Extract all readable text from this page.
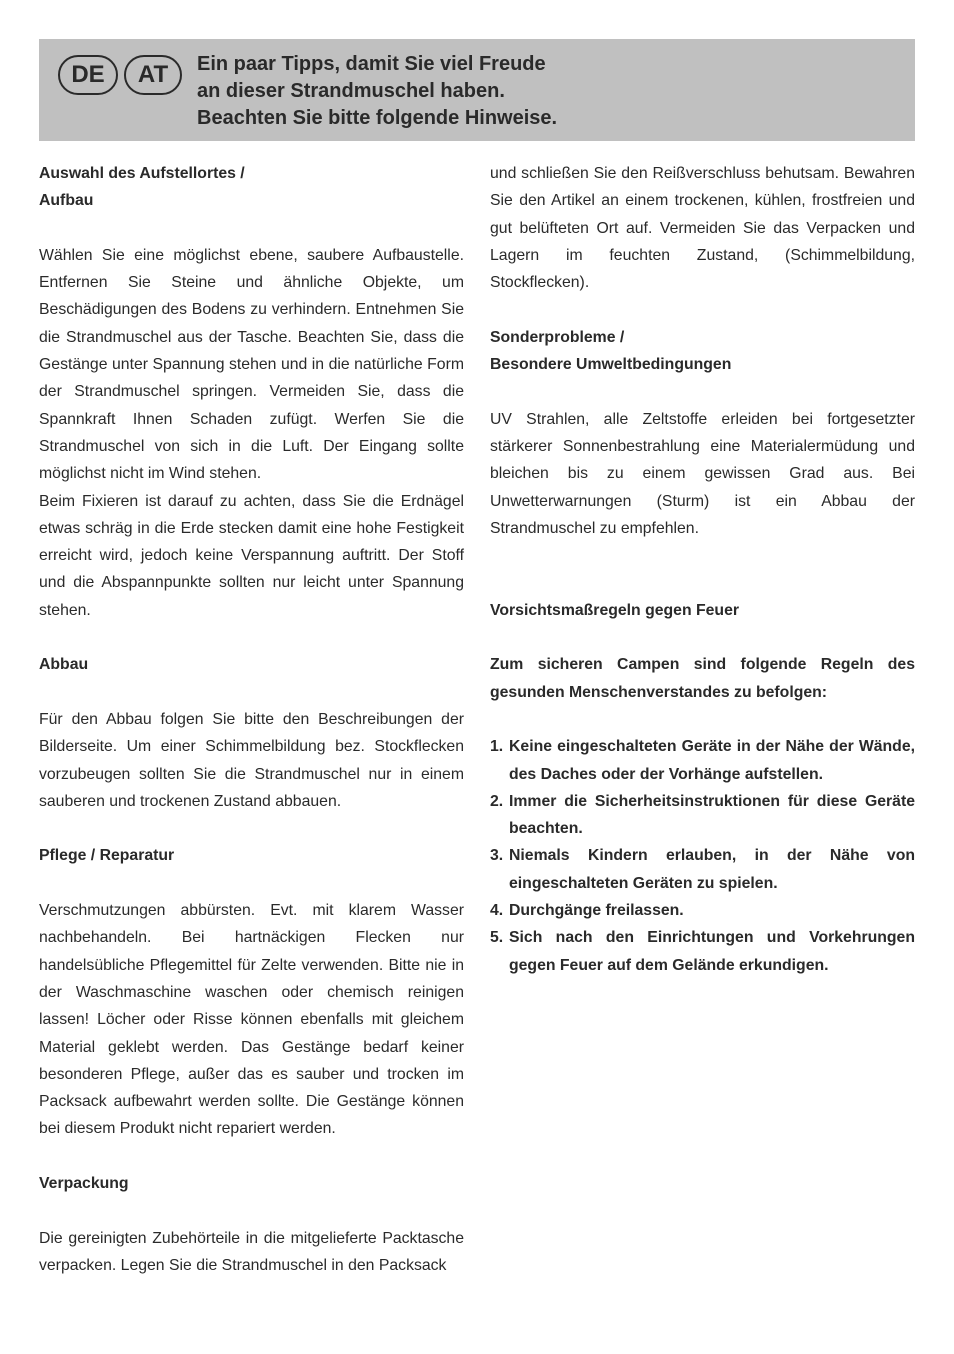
DE	AT	Ein paar Tipps, damit Sie viel Freude
an dieser Strandmuschel haben.
Beachten Sie bitte folgende Hinweise.
Auswahl des Aufstellortes /
Aufbau

Wählen Sie eine möglichst ebene, saubere Aufbaustelle. Entfernen Sie Steine und ähnliche Objekte, um Beschädigungen des Bodens zu verhindern. Entnehmen Sie die Strandmuschel aus der Tasche. Beachten Sie, dass die Gestänge unter Spannung stehen und in die natürliche Form der Strandmuschel springen. Vermeiden Sie, dass die Spannkraft Ihnen Schaden zufügt. Werfen Sie die Strandmuschel von sich in die Luft. Der Eingang sollte möglichst nicht im Wind stehen.

Beim Fixieren ist darauf zu achten, dass Sie die Erdnägel etwas schräg in die Erde stecken damit eine hohe Festigkeit erreicht wird, jedoch keine Verspannung auftritt. Der Stoff und die Abspannpunkte sollten nur leicht unter Spannung stehen.

Abbau

Für den Abbau folgen Sie bitte den Beschreibungen der Bilderseite. Um einer Schimmelbildung bez. Stockflecken vorzubeugen sollten Sie die Strandmuschel nur in einem sauberen und trockenen Zustand abbauen.

Pflege / Reparatur

Verschmutzungen abbürsten. Evt. mit klarem Wasser nachbehandeln. Bei hartnäckigen Flecken nur handelsübliche Pflegemittel für Zelte verwenden. Bitte nie in der Waschmaschine waschen oder chemisch reinigen lassen! Löcher oder Risse können ebenfalls mit gleichem Material geklebt werden. Das Gestänge bedarf keiner besonderen Pflege, außer das es sauber und trocken im Packsack aufbewahrt werden sollte. Die Gestänge können bei diesem Produkt nicht repariert werden.

Verpackung

Die gereinigten Zubehörteile in die mitgelieferte Packtasche verpacken. Legen Sie die Strandmuschel in den Packsack

und schließen Sie den Reißverschluss behutsam. Bewahren Sie den Artikel an einem trockenen, kühlen, frostfreien und gut belüfteten Ort auf. Vermeiden Sie das Verpacken und Lagern im feuchten Zustand, (Schimmelbildung, Stockflecken).

Sonderprobleme /
Besondere Umweltbedingungen

UV Strahlen, alle Zeltstoffe erleiden bei fortgesetzter stärkerer Sonnenbestrahlung eine Materialermüdung und bleichen bis zu einem gewissen Grad aus. Bei Unwetterwarnungen (Sturm) ist ein Abbau der Strandmuschel zu empfehlen.

Vorsichtsmaßregeln gegen Feuer

Zum sicheren Campen sind folgende Regeln des gesunden Menschenverstandes zu befolgen:

1. Keine eingeschalteten Geräte in der Nähe der Wände, des Daches oder der Vorhänge aufstellen.
2. Immer die Sicherheitsinstruktionen für diese Geräte beachten.
3. Niemals Kindern erlauben, in der Nähe von eingeschalteten Geräten zu spielen.
4. Durchgänge freilassen.
5. Sich nach den Einrichtungen und Vorkehrungen gegen Feuer auf dem Gelände erkundigen.
